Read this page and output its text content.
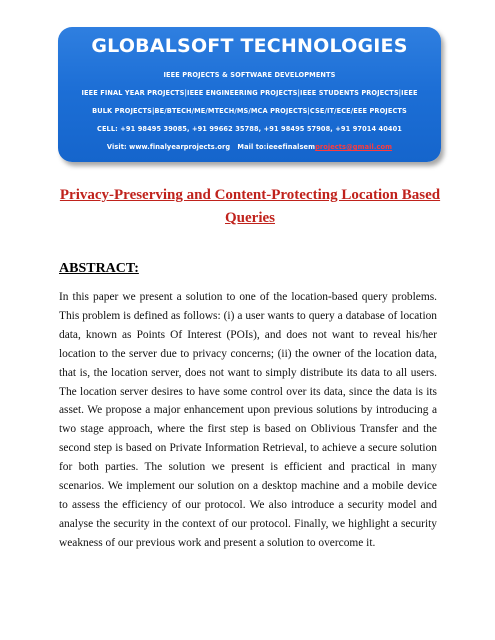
GLOBALSOFT TECHNOLOGIES
IEEE PROJECTS & SOFTWARE DEVELOPMENTS
IEEE FINAL YEAR PROJECTS|IEEE ENGINEERING PROJECTS|IEEE STUDENTS PROJECTS|IEEE
BULK PROJECTS|BE/BTECH/ME/MTECH/MS/MCA PROJECTS|CSE/IT/ECE/EEE PROJECTS
CELL: +91 98495 39085, +91 99662 35788, +91 98495 57908, +91 97014 40401
Visit: www.finalyearprojects.org Mail to:ieeefinalsemprojects@gmail.com
Privacy-Preserving and Content-Protecting Location Based Queries
ABSTRACT:

In this paper we present a solution to one of the location-based query problems. This problem is defined as follows: (i) a user wants to query a database of location data, known as Points Of Interest (POIs), and does not want to reveal his/her location to the server due to privacy concerns; (ii) the owner of the location data, that is, the location server, does not want to simply distribute its data to all users. The location server desires to have some control over its data, since the data is its asset. We propose a major enhancement upon previous solutions by introducing a two stage approach, where the first step is based on Oblivious Transfer and the second step is based on Private Information Retrieval, to achieve a secure solution for both parties. The solution we present is efficient and practical in many scenarios. We implement our solution on a desktop machine and a mobile device to assess the efficiency of our protocol. We also introduce a security model and analyse the security in the context of our protocol. Finally, we highlight a security weakness of our previous work and present a solution to overcome it.
